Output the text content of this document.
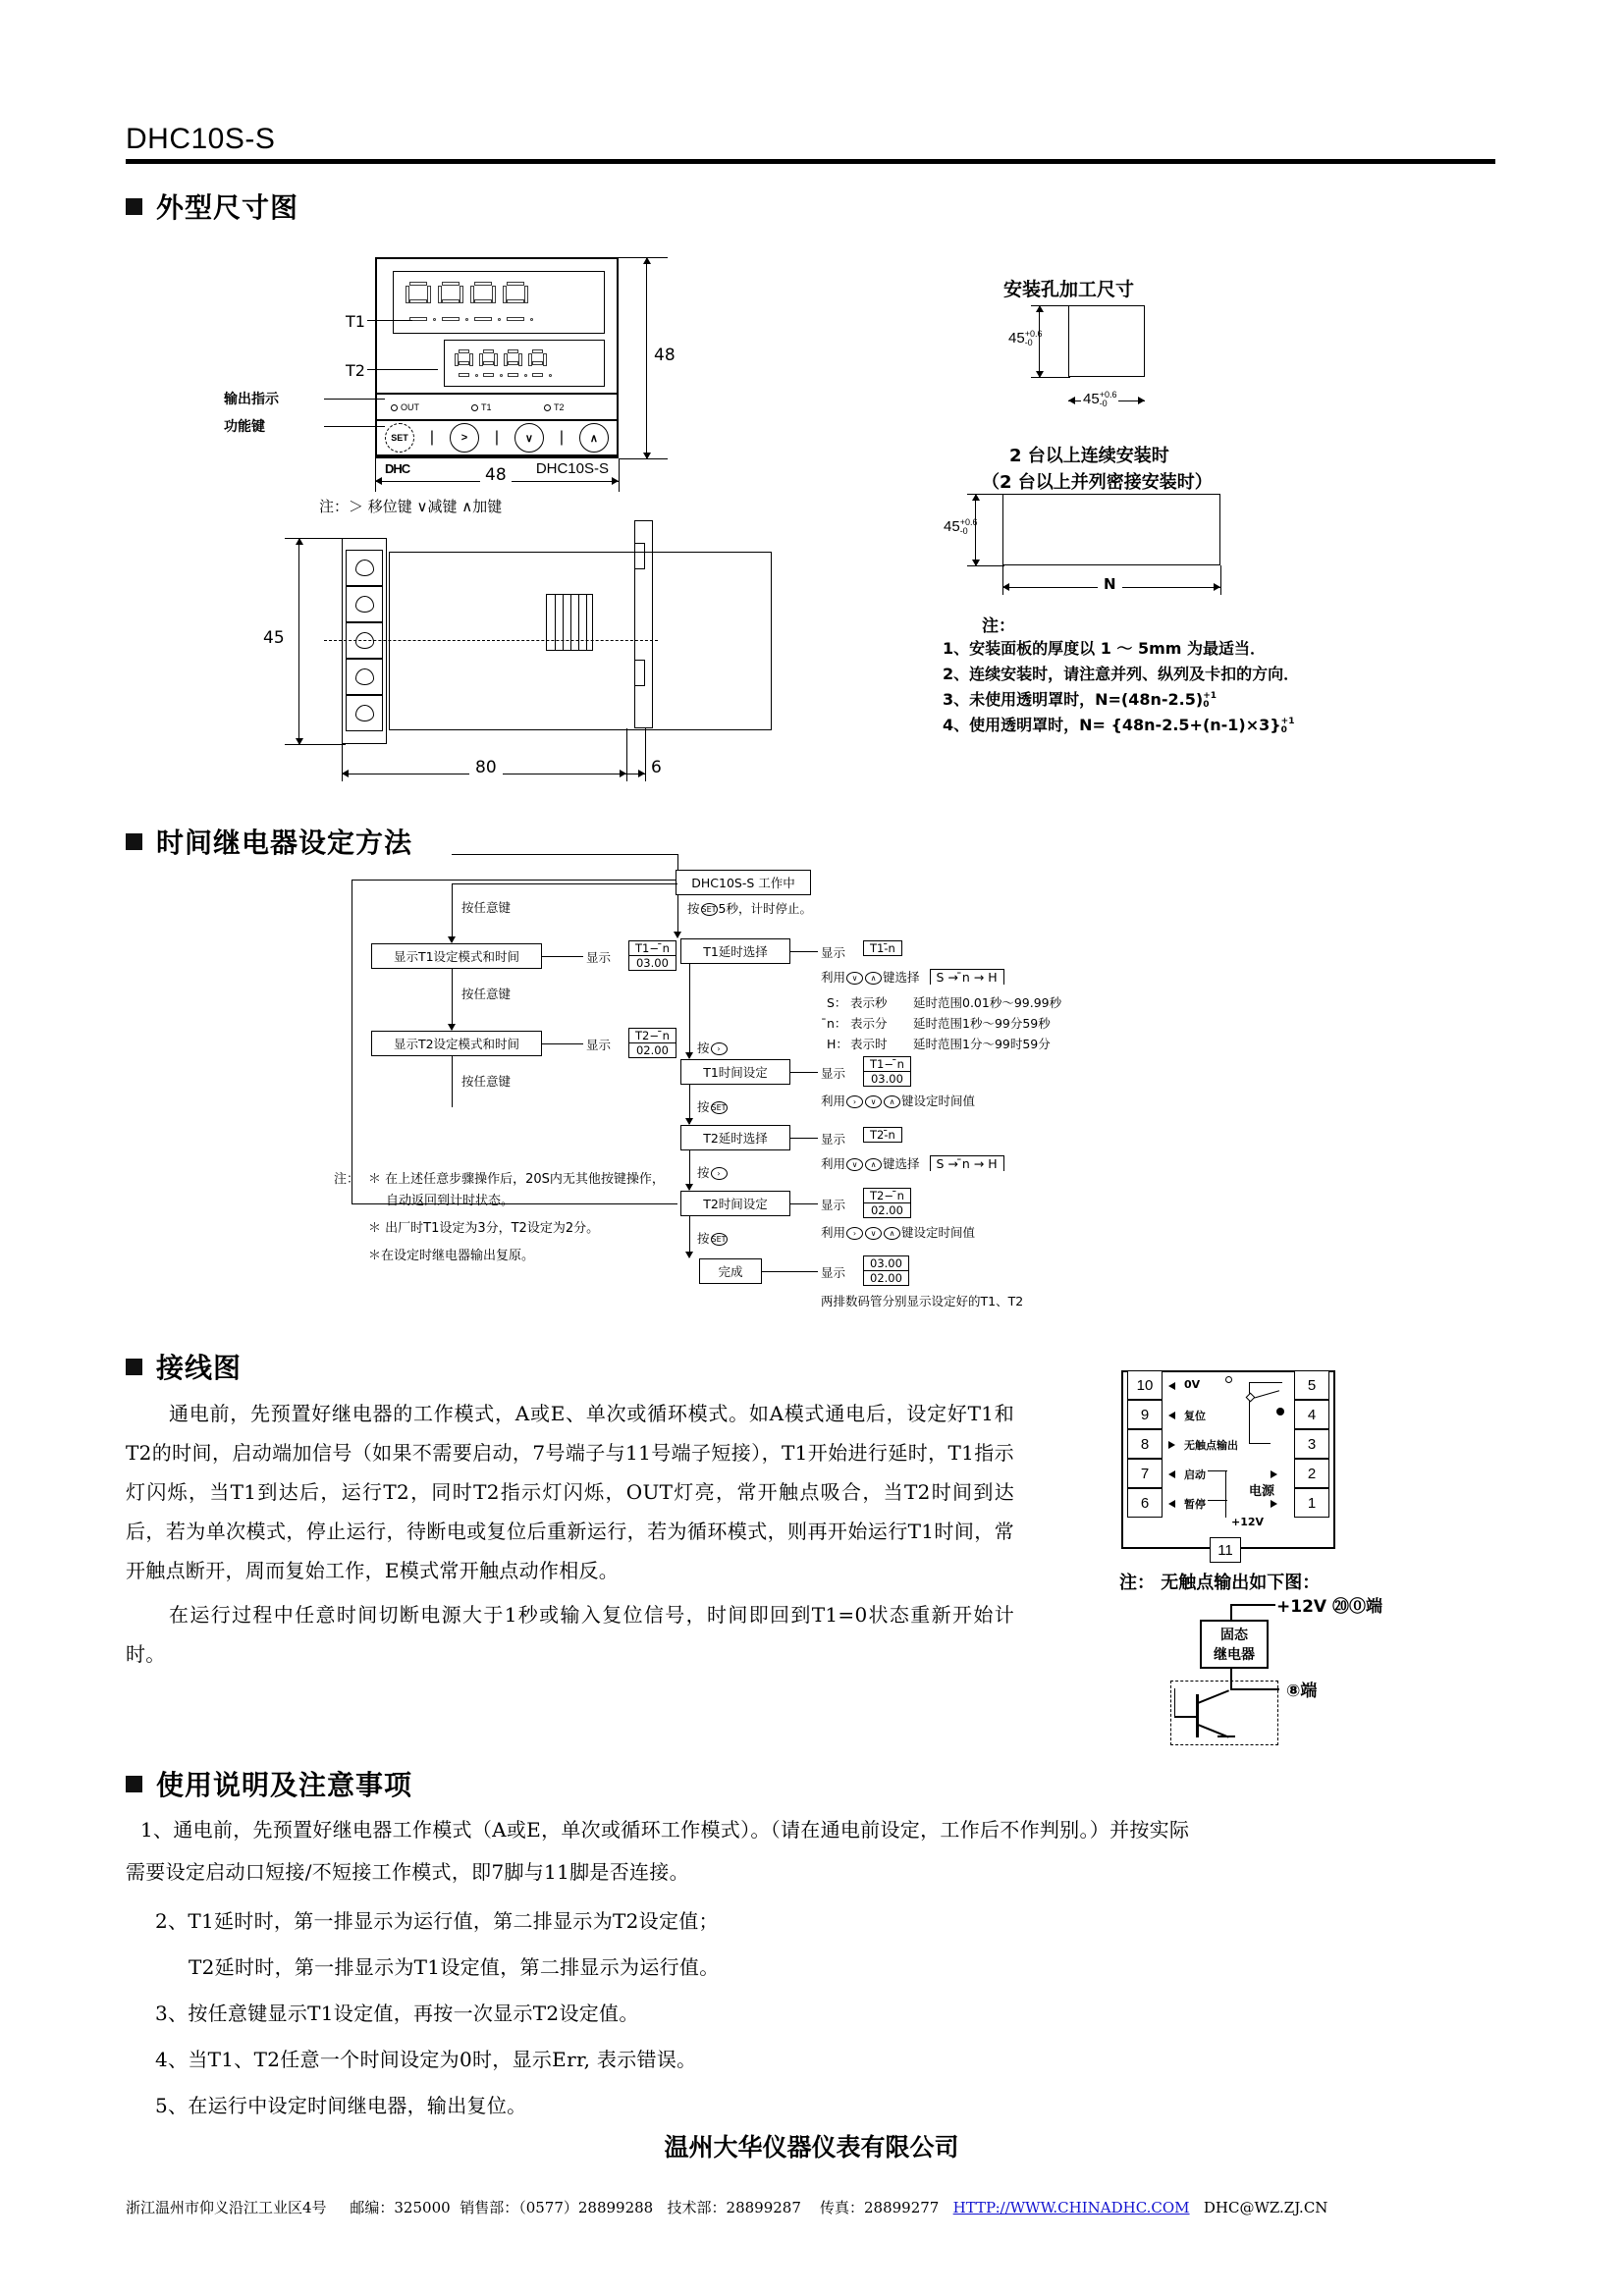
DHC10S-S
外型尺寸图
OUT	T1	T2
SET |	> | ∨ | ∧
DHC	DHC10S-S
T1
T2
输出指示
功能键
48
48
注：＞ 移位键 ∨减键 ∧加键
45
80	6
安装孔加工尺寸
45 +0.6
-0
45 +0.6
-0
2 台以上连续安装时
（2 台以上并列密接安装时）
45 +0.6
-0
N
注：
1、安装面板的厚度以 1 ～ 5mm 为最适当．
2、连续安装时，请注意并列、纵列及卡扣的方向．
3、未使用透明罩时，N=(48n-2.5) +1
0
4、使用透明罩时，N= {48n-2.5+(n-1)×3} +1
0
时间继电器设定方法
DHC10S-S 工作中
按任意键
显示T1设定模式和时间	显示
T1− ̄n
03.00
按任意键
显示T2设定模式和时间	显示
T2− ̄n
02.00
按任意键
按 SET 5秒，计时停止。
T1延时选择	显示	T1-̄n
利用 ∨ ∧ 键选择 S → ̄n → H
S： 表示秒 延时范围0.01秒～99.99秒
̄n： 表示分 延时范围1秒～99分59秒
H： 表示时 延时范围1分～99时59分
按 ›
T1时间设定	显示
T1− ̄n
03.00
利用 › ∨ ∧ 键设定时间值
按 SET
T2延时选择	显示	T2-̄n
利用 ∨ ∧ 键选择 S → ̄n → H
按 ›
T2时间设定	显示
T2− ̄n
02.00
利用 › ∨ ∧ 键设定时间值
按 SET
完成	显示
03.00
02.00
两排数码管分别显示设定好的T1、T2
注： ＊ 在上述任意步骤操作后，20S内无其他按键操作，
自动返回到计时状态。
＊ 出厂时T1设定为3分，T2设定为2分。
＊在设定时继电器输出复原。
接线图
通电前，先预置好继电器的工作模式，A或E、单次或循环模式。如A模式通电后，设定好T1和T2的时间，启动端加信号（如果不需要启动，7号端子与11号端子短接），T1开始进行延时，T1指示灯闪烁，当T1到达后，运行T2，同时T2指示灯闪烁，OUT灯亮，常开触点吸合，当T2时间到达后，若为单次模式，停止运行，待断电或复位后重新运行，若为循环模式，则再开始运行T1时间，常开触点断开，周而复始工作，E模式常开触点动作相反。
在运行过程中任意时间切断电源大于1秒或输入复位信号，时间即回到T1=0状态重新开始计时。
10
9
8
7
6
5
4
3
2
1
11
0V
复位
无触点输出
启动
暂停
+12V
电源
注： 无触点输出如下图：
+12V ⑳⓪端
固态
继电器
⑧端
使用说明及注意事项
1、通电前，先预置好继电器工作模式（A或E，单次或循环工作模式）。（请在通电前设定，工作后不作判别。）并按实际
需要设定启动口短接/不短接工作模式，即7脚与11脚是否连接。
2、T1延时时，第一排显示为运行值，第二排显示为T2设定值；
T2延时时，第一排显示为T1设定值，第二排显示为运行值。
3、按任意键显示T1设定值，再按一次显示T2设定值。
4、当T1、T2任意一个时间设定为0时，显示Err, 表示错误。
5、在运行中设定时间继电器，输出复位。
温州大华仪器仪表有限公司
浙江温州市仰义沿江工业区4号 邮编：325000 销售部：（0577）28899288 技术部：28899287 传真：28899277 HTTP://WWW.CHINADHC.COM DHC@WZ.ZJ.CN
